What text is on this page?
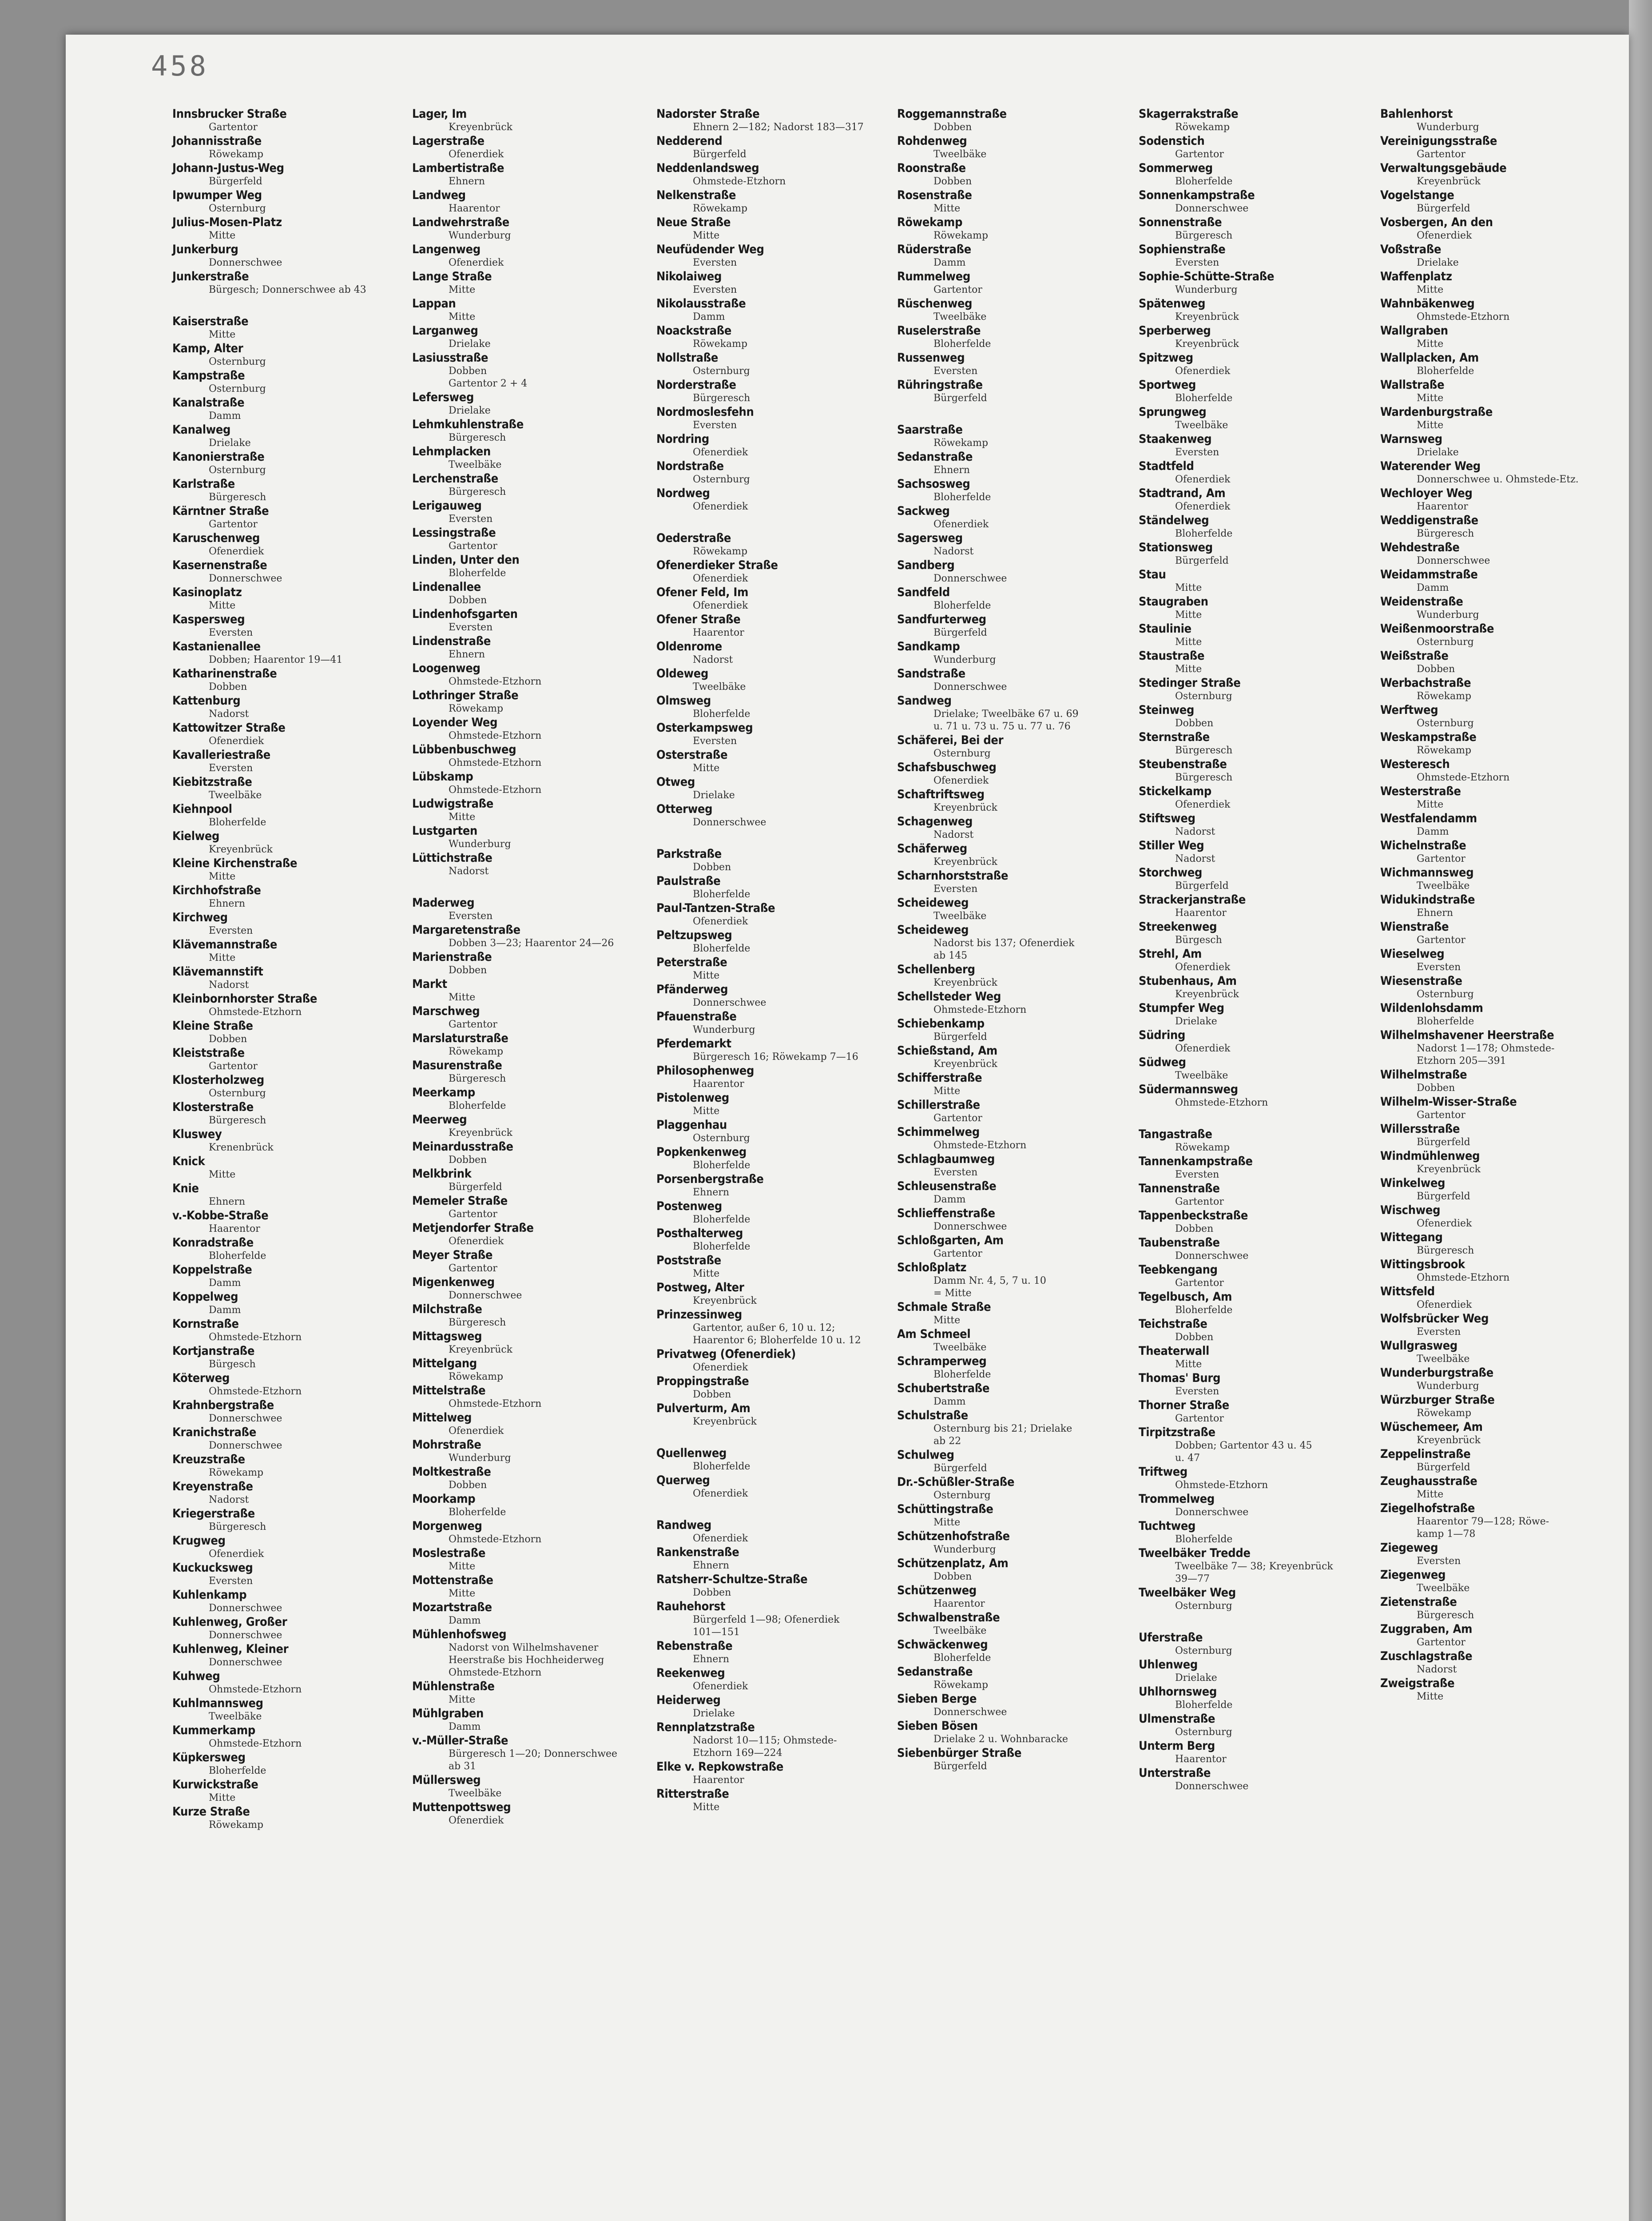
458
Innsbrucker Straße
Gartentor
Johannisstraße
Röwekamp
Johann-Justus-Weg
Bürgerfeld
Ipwumper Weg
Osternburg
Julius-Mosen-Platz
Mitte
Junkerburg
Donnerschwee
Junkerstraße
Bürgesch; Donnerschwee ab 43
Kaiserstraße
Mitte
Kamp, Alter
Osternburg
Kampstraße
Osternburg
Kanalstraße
Damm
Kanalweg
Drielake
Kanonierstraße
Osternburg
Karlstraße
Bürgeresch
Kärntner Straße
Gartentor
Karuschenweg
Ofenerdiek
Kasernenstraße
Donnerschwee
Kasinoplatz
Mitte
Kaspersweg
Eversten
Kastanienallee
Dobben; Haarentor 19—41
Katharinenstraße
Dobben
Kattenburg
Nadorst
Kattowitzer Straße
Ofenerdiek
Kavalleriestraße
Eversten
Kiebitzstraße
Tweelbäke
Kiehnpool
Bloherfelde
Kielweg
Kreyenbrück
Kleine Kirchenstraße
Mitte
Kirchhofstraße
Ehnern
Kirchweg
Eversten
Klävemannstraße
Mitte
Klävemannstift
Nadorst
Kleinbornhorster Straße
Ohmstede-Etzhorn
Kleine Straße
Dobben
Kleiststraße
Gartentor
Klosterholzweg
Osternburg
Klosterstraße
Bürgeresch
Kluswey
Krenenbrück
Knick
Mitte
Knie
Ehnern
v.-Kobbe-Straße
Haarentor
Konradstraße
Bloherfelde
Koppelstraße
Damm
Koppelweg
Damm
Kornstraße
Ohmstede-Etzhorn
Kortjanstraße
Bürgesch
Köterweg
Ohmstede-Etzhorn
Krahnbergstraße
Donnerschwee
Kranichstraße
Donnerschwee
Kreuzstraße
Röwekamp
Kreyenstraße
Nadorst
Kriegerstraße
Bürgeresch
Krugweg
Ofenerdiek
Kuckucksweg
Eversten
Kuhlenkamp
Donnerschwee
Kuhlenweg, Großer
Donnerschwee
Kuhlenweg, Kleiner
Donnerschwee
Kuhweg
Ohmstede-Etzhorn
Kuhlmannsweg
Tweelbäke
Kummerkamp
Ohmstede-Etzhorn
Küpkersweg
Bloherfelde
Kurwickstraße
Mitte
Kurze Straße
Röwekamp
Lager, Im
Kreyenbrück
Lagerstraße
Ofenerdiek
Lambertistraße
Ehnern
Landweg
Haarentor
Landwehrstraße
Wunderburg
Langenweg
Ofenerdiek
Lange Straße
Mitte
Lappan
Mitte
Larganweg
Drielake
Lasiusstraße
Dobben
Gartentor 2 + 4
Lefersweg
Drielake
Lehmkuhlenstraße
Bürgeresch
Lehmplacken
Tweelbäke
Lerchenstraße
Bürgeresch
Lerigauweg
Eversten
Lessingstraße
Gartentor
Linden, Unter den
Bloherfelde
Lindenallee
Dobben
Lindenhofsgarten
Eversten
Lindenstraße
Ehnern
Loogenweg
Ohmstede-Etzhorn
Lothringer Straße
Röwekamp
Loyender Weg
Ohmstede-Etzhorn
Lübbenbuschweg
Ohmstede-Etzhorn
Lübskamp
Ohmstede-Etzhorn
Ludwigstraße
Mitte
Lustgarten
Wunderburg
Lüttichstraße
Nadorst
Maderweg
Eversten
Margaretenstraße
Dobben 3—23; Haarentor 24—26
Marienstraße
Dobben
Markt
Mitte
Marschweg
Gartentor
Marslaturstraße
Röwekamp
Masurenstraße
Bürgeresch
Meerkamp
Bloherfelde
Meerweg
Kreyenbrück
Meinardusstraße
Dobben
Melkbrink
Bürgerfeld
Memeler Straße
Gartentor
Metjendorfer Straße
Ofenerdiek
Meyer Straße
Gartentor
Migenkenweg
Donnerschwee
Milchstraße
Bürgeresch
Mittagsweg
Kreyenbrück
Mittelgang
Röwekamp
Mittelstraße
Ohmstede-Etzhorn
Mittelweg
Ofenerdiek
Mohrstraße
Wunderburg
Moltkestraße
Dobben
Moorkamp
Bloherfelde
Morgenweg
Ohmstede-Etzhorn
Moslestraße
Mitte
Mottenstraße
Mitte
Mozartstraße
Damm
Mühlenhofsweg
Nadorst von Wilhelmshavener
Heerstraße bis Hochheiderweg
Ohmstede-Etzhorn
Mühlenstraße
Mitte
Mühlgraben
Damm
v.-Müller-Straße
Bürgeresch 1—20; Donnerschwee
ab 31
Müllersweg
Tweelbäke
Muttenpottsweg
Ofenerdiek
Nadorster Straße
Ehnern 2—182; Nadorst 183—317
Nedderend
Bürgerfeld
Neddenlandsweg
Ohmstede-Etzhorn
Nelkenstraße
Röwekamp
Neue Straße
Mitte
Neufüdender Weg
Eversten
Nikolaiweg
Eversten
Nikolausstraße
Damm
Noackstraße
Röwekamp
Nollstraße
Osternburg
Norderstraße
Bürgeresch
Nordmoslesfehn
Eversten
Nordring
Ofenerdiek
Nordstraße
Osternburg
Nordweg
Ofenerdiek
Oederstraße
Röwekamp
Ofenerdieker Straße
Ofenerdiek
Ofener Feld, Im
Ofenerdiek
Ofener Straße
Haarentor
Oldenrome
Nadorst
Oldeweg
Tweelbäke
Olmsweg
Bloherfelde
Osterkampsweg
Eversten
Osterstraße
Mitte
Otweg
Drielake
Otterweg
Donnerschwee
Parkstraße
Dobben
Paulstraße
Bloherfelde
Paul-Tantzen-Straße
Ofenerdiek
Peltzupsweg
Bloherfelde
Peterstraße
Mitte
Pfänderweg
Donnerschwee
Pfauenstraße
Wunderburg
Pferdemarkt
Bürgeresch 16; Röwekamp 7—16
Philosophenweg
Haarentor
Pistolenweg
Mitte
Plaggenhau
Osternburg
Popkenkenweg
Bloherfelde
Porsenbergstraße
Ehnern
Postenweg
Bloherfelde
Posthalterweg
Bloherfelde
Poststraße
Mitte
Postweg, Alter
Kreyenbrück
Prinzessinweg
Gartentor, außer 6, 10 u. 12;
Haarentor 6; Bloherfelde 10 u. 12
Privatweg (Ofenerdiek)
Ofenerdiek
Proppingstraße
Dobben
Pulverturm, Am
Kreyenbrück
Quellenweg
Bloherfelde
Querweg
Ofenerdiek
Randweg
Ofenerdiek
Rankenstraße
Ehnern
Ratsherr-Schultze-Straße
Dobben
Rauhehorst
Bürgerfeld 1—98; Ofenerdiek
101—151
Rebenstraße
Ehnern
Reekenweg
Ofenerdiek
Heiderweg
Drielake
Rennplatzstraße
Nadorst 10—115; Ohmstede-
Etzhorn 169—224
Elke v. Repkowstraße
Haarentor
Ritterstraße
Mitte
Roggemannstraße
Dobben
Rohdenweg
Tweelbäke
Roonstraße
Dobben
Rosenstraße
Mitte
Röwekamp
Röwekamp
Rüderstraße
Damm
Rummelweg
Gartentor
Rüschenweg
Tweelbäke
Ruselerstraße
Bloherfelde
Russenweg
Eversten
Rühringstraße
Bürgerfeld
Saarstraße
Röwekamp
Sedanstraße
Ehnern
Sachsosweg
Bloherfelde
Sackweg
Ofenerdiek
Sagersweg
Nadorst
Sandberg
Donnerschwee
Sandfeld
Bloherfelde
Sandfurterweg
Bürgerfeld
Sandkamp
Wunderburg
Sandstraße
Donnerschwee
Sandweg
Drielake; Tweelbäke 67 u. 69
u. 71 u. 73 u. 75 u. 77 u. 76
Schäferei, Bei der
Osternburg
Schafsbuschweg
Ofenerdiek
Schaftriftsweg
Kreyenbrück
Schagenweg
Nadorst
Schäferweg
Kreyenbrück
Scharnhorststraße
Eversten
Scheideweg
Tweelbäke
Scheideweg
Nadorst bis 137; Ofenerdiek
ab 145
Schellenberg
Kreyenbrück
Schellsteder Weg
Ohmstede-Etzhorn
Schiebenkamp
Bürgerfeld
Schießstand, Am
Kreyenbrück
Schifferstraße
Mitte
Schillerstraße
Gartentor
Schimmelweg
Ohmstede-Etzhorn
Schlagbaumweg
Eversten
Schleusenstraße
Damm
Schlieffenstraße
Donnerschwee
Schloßgarten, Am
Gartentor
Schloßplatz
Damm Nr. 4, 5, 7 u. 10
= Mitte
Schmale Straße
Mitte
Am Schmeel
Tweelbäke
Schramperweg
Bloherfelde
Schubertstraße
Damm
Schulstraße
Osternburg bis 21; Drielake
ab 22
Schulweg
Bürgerfeld
Dr.-Schüßler-Straße
Osternburg
Schüttingstraße
Mitte
Schützenhofstraße
Wunderburg
Schützenplatz, Am
Dobben
Schützenweg
Haarentor
Schwalbenstraße
Tweelbäke
Schwäckenweg
Bloherfelde
Sedanstraße
Röwekamp
Sieben Berge
Donnerschwee
Sieben Bösen
Drielake 2 u. Wohnbaracke
Siebenbürger Straße
Bürgerfeld
Skagerrakstraße
Röwekamp
Sodenstich
Gartentor
Sommerweg
Bloherfelde
Sonnenkampstraße
Donnerschwee
Sonnenstraße
Bürgeresch
Sophienstraße
Eversten
Sophie-Schütte-Straße
Wunderburg
Spätenweg
Kreyenbrück
Sperberweg
Kreyenbrück
Spitzweg
Ofenerdiek
Sportweg
Bloherfelde
Sprungweg
Tweelbäke
Staakenweg
Eversten
Stadtfeld
Ofenerdiek
Stadtrand, Am
Ofenerdiek
Ständelweg
Bloherfelde
Stationsweg
Bürgerfeld
Stau
Mitte
Staugraben
Mitte
Staulinie
Mitte
Staustraße
Mitte
Stedinger Straße
Osternburg
Steinweg
Dobben
Sternstraße
Bürgeresch
Steubenstraße
Bürgeresch
Stickelkamp
Ofenerdiek
Stiftsweg
Nadorst
Stiller Weg
Nadorst
Storchweg
Bürgerfeld
Strackerjanstraße
Haarentor
Streekenweg
Bürgesch
Strehl, Am
Ofenerdiek
Stubenhaus, Am
Kreyenbrück
Stumpfer Weg
Drielake
Südring
Ofenerdiek
Südweg
Tweelbäke
Südermannsweg
Ohmstede-Etzhorn
Tangastraße
Röwekamp
Tannenkampstraße
Eversten
Tannenstraße
Gartentor
Tappenbeckstraße
Dobben
Taubenstraße
Donnerschwee
Teebkengang
Gartentor
Tegelbusch, Am
Bloherfelde
Teichstraße
Dobben
Theaterwall
Mitte
Thomas' Burg
Eversten
Thorner Straße
Gartentor
Tirpitzstraße
Dobben; Gartentor 43 u. 45
u. 47
Triftweg
Ohmstede-Etzhorn
Trommelweg
Donnerschwee
Tuchtweg
Bloherfelde
Tweelbäker Tredde
Tweelbäke 7— 38; Kreyenbrück
39—77
Tweelbäker Weg
Osternburg
Uferstraße
Osternburg
Uhlenweg
Drielake
Uhlhornsweg
Bloherfelde
Ulmenstraße
Osternburg
Unterm Berg
Haarentor
Unterstraße
Donnerschwee
Bahlenhorst
Wunderburg
Vereinigungsstraße
Gartentor
Verwaltungsgebäude
Kreyenbrück
Vogelstange
Bürgerfeld
Vosbergen, An den
Ofenerdiek
Voßstraße
Drielake
Waffenplatz
Mitte
Wahnbäkenweg
Ohmstede-Etzhorn
Wallgraben
Mitte
Wallplacken, Am
Bloherfelde
Wallstraße
Mitte
Wardenburgstraße
Mitte
Warnsweg
Drielake
Waterender Weg
Donnerschwee u. Ohmstede-Etz.
Wechloyer Weg
Haarentor
Weddigenstraße
Bürgeresch
Wehdestraße
Donnerschwee
Weidamm​straße
Damm
Weidenstraße
Wunderburg
Weißenmoorstraße
Osternburg
Weißstraße
Dobben
Werbachstraße
Röwekamp
Werftweg
Osternburg
Weskampstraße
Röwekamp
Westeresch
Ohmstede-Etzhorn
Westerstraße
Mitte
Westfalendamm
Damm
Wichelnstraße
Gartentor
Wichmannsweg
Tweelbäke
Widukindstraße
Ehnern
Wienstraße
Gartentor
Wiesel​weg
Eversten
Wiesenstraße
Osternburg
Wildenlohsdamm
Bloherfelde
Wilhelmshavener Heerstraße
Nadorst 1—178; Ohmstede-
Etzhorn 205—391
Wilhelmstraße
Dobben
Wilhelm-Wisser-Straße
Gartentor
Willersstraße
Bürgerfeld
Windmühlenweg
Kreyenbrück
Winkelweg
Bürgerfeld
Wischweg
Ofenerdiek
Wittegang
Bürgeresch
Wittingsbrook
Ohmstede-Etzhorn
Wittsfeld
Ofenerdiek
Wolfsbrücker Weg
Eversten
Wullgrasweg
Tweelbäke
Wunderburgstraße
Wunderburg
Würzburger Straße
Röwekamp
Wüschemeer, Am
Kreyenbrück
Zeppelinstraße
Bürgerfeld
Zeughausstraße
Mitte
Ziegelhofstraße
Haarentor 79—128; Röwe-
kamp 1—78
Ziegeweg
Eversten
Ziegenweg
Tweelbäke
Zietenstraße
Bürgeresch
Zuggraben, Am
Gartentor
Zuschlagstraße
Nadorst
Zweigstraße
Mitte
